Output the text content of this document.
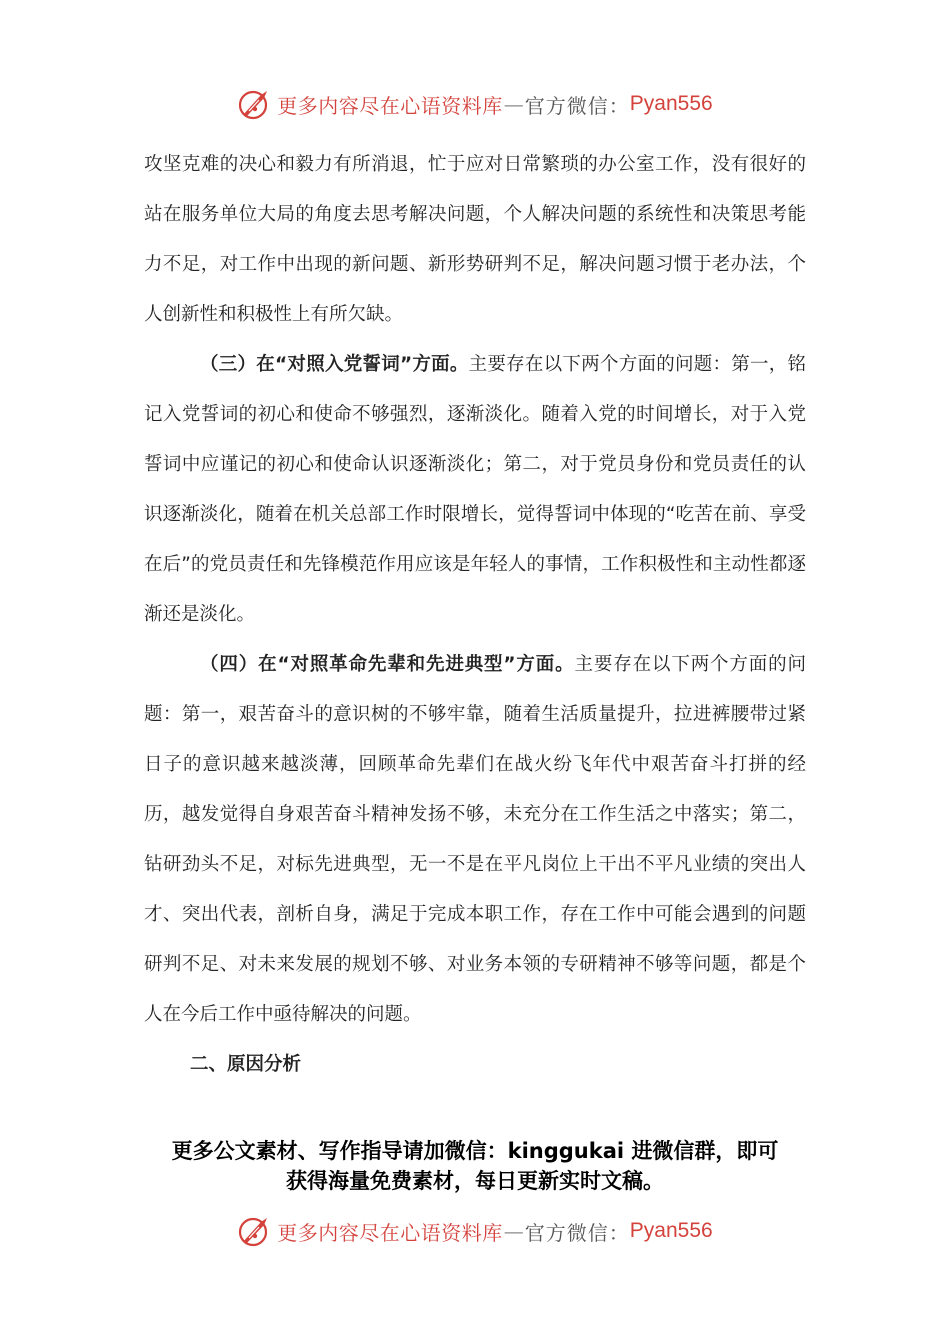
更多内容尽在心语资料库 — 官方微信： Pyan556

攻坚克难的决心和毅力有所消退，忙于应对日常繁琐的办公室工作，没有很好的站在服务单位大局的角度去思考解决问题，个人解决问题的系统性和决策思考能力不足，对工作中出现的新问题、新形势研判不足，解决问题习惯于老办法，个人创新性和积极性上有所欠缺。

（三）在“对照入党誓词”方面。主要存在以下两个方面的问题：第一，铭记入党誓词的初心和使命不够强烈，逐渐淡化。随着入党的时间增长，对于入党誓词中应谨记的初心和使命认识逐渐淡化；第二，对于党员身份和党员责任的认识逐渐淡化，随着在机关总部工作时限增长，觉得誓词中体现的“吃苦在前、享受在后”的党员责任和先锋模范作用应该是年轻人的事情，工作积极性和主动性都逐渐还是淡化。

（四）在“对照革命先辈和先进典型”方面。主要存在以下两个方面的问题：第一，艰苦奋斗的意识树的不够牢靠，随着生活质量提升，拉进裤腰带过紧日子的意识越来越淡薄，回顾革命先辈们在战火纷飞年代中艰苦奋斗打拼的经历，越发觉得自身艰苦奋斗精神发扬不够，未充分在工作生活之中落实；第二，钻研劲头不足，对标先进典型，无一不是在平凡岗位上干出不平凡业绩的突出人才、突出代表，剖析自身，满足于完成本职工作，存在工作中可能会遇到的问题研判不足、对未来发展的规划不够、对业务本领的专研精神不够等问题，都是个人在今后工作中亟待解决的问题。

二、原因分析

更多公文素材、写作指导请加微信：kinggukai 进微信群，即可
获得海量免费素材，每日更新实时文稿。
更多内容尽在心语资料库 — 官方微信： Pyan556
